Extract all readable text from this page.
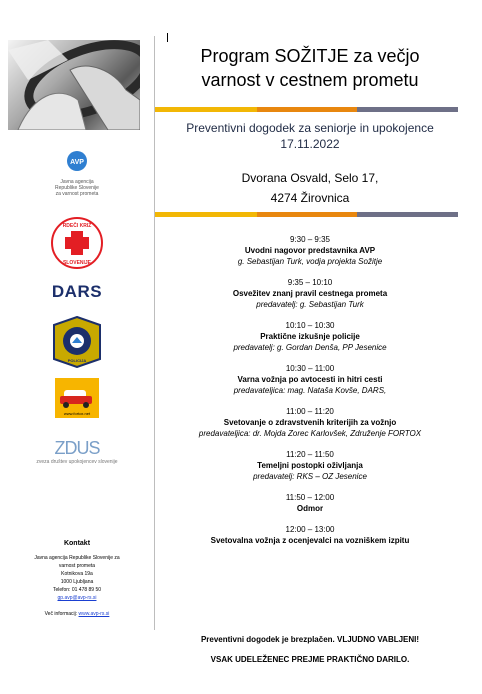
AVP
Javna agencija
Republike Slovenije
za varnost prometa
RDEČI KRIŽ
SLOVENIJE
DARS
POLICIJA
www.fortox.net
ZDUS
zveza društev upokojencev slovenije
Kontakt
Javna agencija Republike Slovenije za
varnost prometa
Kotnikova 19a
1000 Ljubljana
Telefon: 01 478 89 50
gp.avp@avp-rs.si
Več informacij: www.avp-rs.si
Program SOŽITJE za večjo
varnost v cestnem prometu
Preventivni dogodek za seniorje in upokojence
17.11.2022
Dvorana Osvald, Selo 17,
4274 Žirovnica
9:30 – 9:35
Uvodni nagovor predstavnika AVP
g. Sebastijan Turk, vodja projekta Sožitje
9:35 – 10:10
Osvežitev znanj pravil cestnega prometa
predavatelj: g. Sebastijan Turk
10:10 – 10:30
Praktične izkušnje policije
predavatelj: g. Gordan Denša, PP Jesenice
10:30 – 11:00
Varna vožnja po avtocesti in hitri cesti
predavateljica: mag. Nataša Kovše, DARS,
11:00 – 11:20
Svetovanje o zdravstvenih kriterijih za vožnjo
predavateljica: dr. Mojda Zorec Karlovšek, Združenje FORTOX
11:20 – 11:50
Temeljni postopki oživljanja
predavatelj: RKS – OZ Jesenice
11:50 – 12:00
Odmor
12:00 – 13:00
Svetovalna vožnja z ocenjevalci na vozniškem izpitu
Preventivni dogodek je brezplačen. VLJUDNO VABLJENI!
VSAK UDELEŽENEC PREJME PRAKTIČNO DARILO.
